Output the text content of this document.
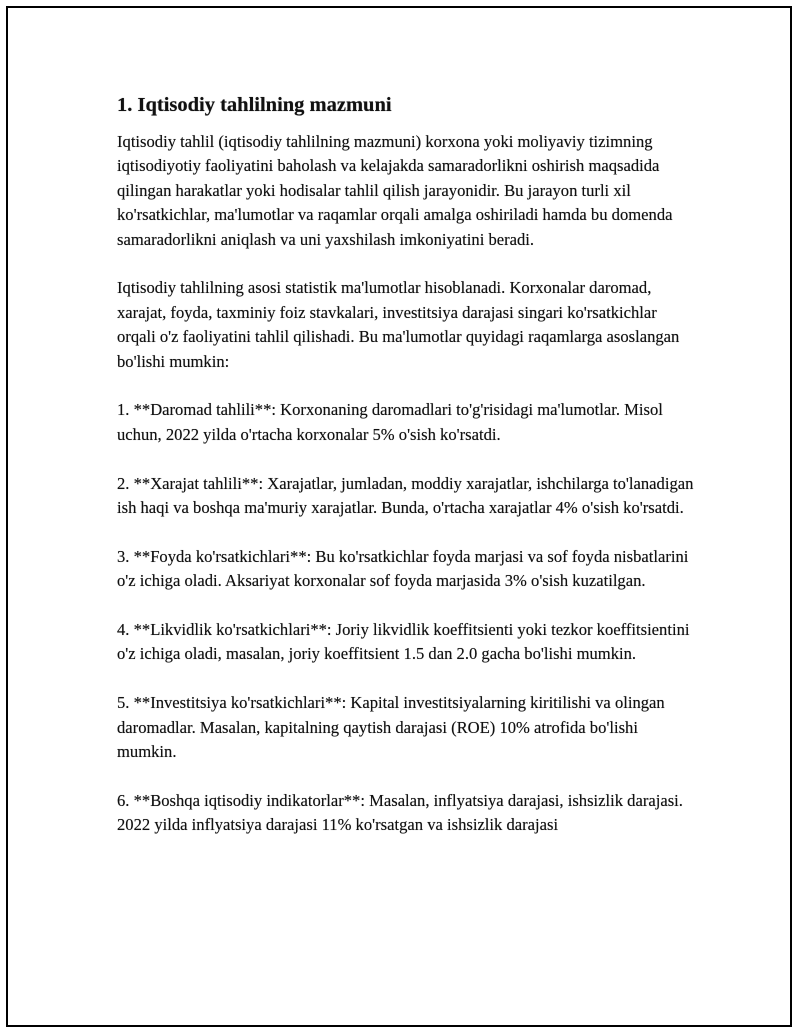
1. Iqtisodiy tahlilning mazmuni

Iqtisodiy tahlil (iqtisodiy tahlilning mazmuni) korxona yoki moliyaviy tizimning iqtisodiyotiy faoliyatini baholash va kelajakda samaradorlikni oshirish maqsadida qilingan harakatlar yoki hodisalar tahlil qilish jarayonidir. Bu jarayon turli xil ko'rsatkichlar, ma'lumotlar va raqamlar orqali amalga oshiriladi hamda bu domenda samaradorlikni aniqlash va uni yaxshilash imkoniyatini beradi.

Iqtisodiy tahlilning asosi statistik ma'lumotlar hisoblanadi. Korxonalar daromad, xarajat, foyda, taxminiy foiz stavkalari, investitsiya darajasi singari ko'rsatkichlar orqali o'z faoliyatini tahlil qilishadi. Bu ma'lumotlar quyidagi raqamlarga asoslangan bo'lishi mumkin:

1. **Daromad tahlili**: Korxonaning daromadlari to'g'risidagi ma'lumotlar. Misol uchun, 2022 yilda o'rtacha korxonalar 5% o'sish ko'rsatdi.

2. **Xarajat tahlili**: Xarajatlar, jumladan, moddiy xarajatlar, ishchilarga to'lanadigan ish haqi va boshqa ma'muriy xarajatlar. Bunda, o'rtacha xarajatlar 4% o'sish ko'rsatdi.

3. **Foyda ko'rsatkichlari**: Bu ko'rsatkichlar foyda marjasi va sof foyda nisbatlarini o'z ichiga oladi. Aksariyat korxonalar sof foyda marjasida 3% o'sish kuzatilgan.

4. **Likvidlik ko'rsatkichlari**: Joriy likvidlik koeffitsienti yoki tezkor koeffitsientini o'z ichiga oladi, masalan, joriy koeffitsient 1.5 dan 2.0 gacha bo'lishi mumkin.

5. **Investitsiya ko'rsatkichlari**: Kapital investitsiyalarning kiritilishi va olingan daromadlar. Masalan, kapitalning qaytish darajasi (ROE) 10% atrofida bo'lishi mumkin.

6. **Boshqa iqtisodiy indikatorlar**: Masalan, inflyatsiya darajasi, ishsizlik darajasi. 2022 yilda inflyatsiya darajasi 11% ko'rsatgan va ishsizlik darajasi
